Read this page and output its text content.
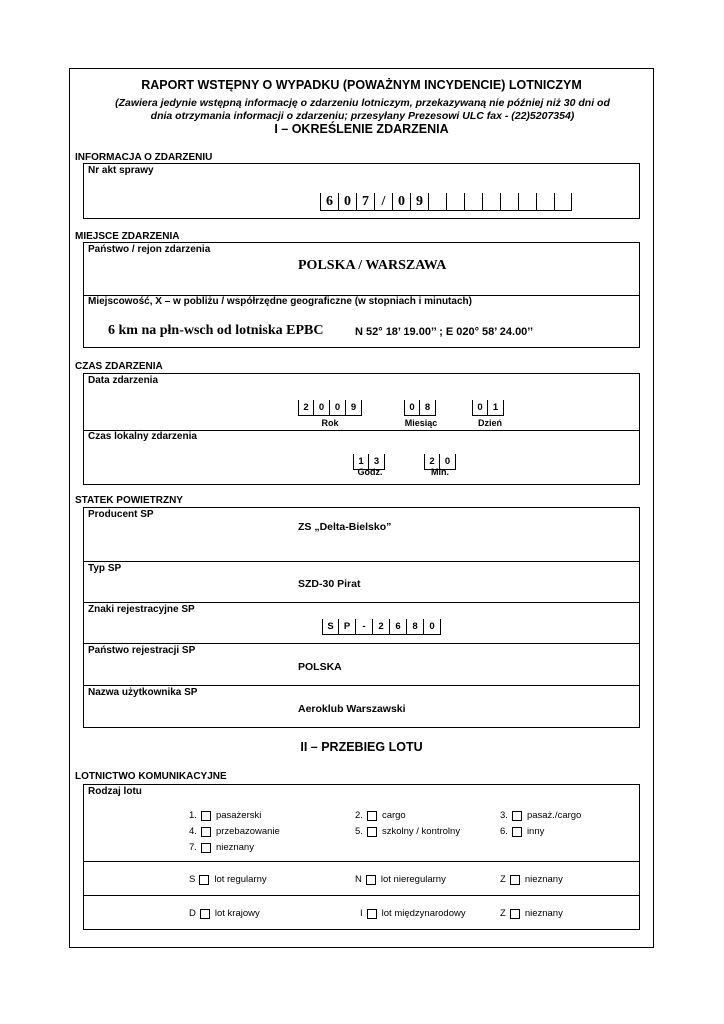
RAPORT WSTĘPNY O WYPADKU (POWAŻNYM INCYDENCIE) LOTNICZYM
(Zawiera jedynie wstępną informację o zdarzeniu lotniczym, przekazywaną nie później niż 30 dni od
dnia otrzymania informacji o zdarzeniu; przesyłany Prezesowi ULC fax - (22)5207354)
I – OKREŚLENIE ZDARZENIA
INFORMACJA O ZDARZENIU
Nr akt sprawy
6 0 7 / 0 9
MIEJSCE ZDARZENIA
Państwo / rejon zdarzenia
POLSKA / WARSZAWA
Miejscowość, X – w pobliżu / współrzędne geograficzne (w stopniach i minutach)
6 km na płn-wsch od lotniska EPBC	N 52° 18’ 19.00’’ ; E 020° 58’ 24.00’’
CZAS ZDARZENIA
Data zdarzenia
2	0	0	9	0	8	0	1
Rok	Miesiąc	Dzień
Czas lokalny zdarzenia
1	3	2	0
Godz.	Min.
STATEK POWIETRZNY
Producent SP
ZS „Delta-Bielsko”
Typ SP
SZD-30 Pirat
Znaki rejestracyjne SP
S	P	-	2	6	8	0
Państwo rejestracji SP
POLSKA
Nazwa użytkownika SP
Aeroklub Warszawski
II – PRZEBIEG LOTU
LOTNICTWO KOMUNIKACYJNE
Rodzaj lotu
1. pasażerski	2. cargo	3. pasaż./cargo
4. przebazowanie	5. szkolny / kontrolny	6. inny
7. nieznany
S lot regularny	N lot nieregularny	Z nieznany
D lot krajowy	I lot międzynarodowy	Z nieznany
